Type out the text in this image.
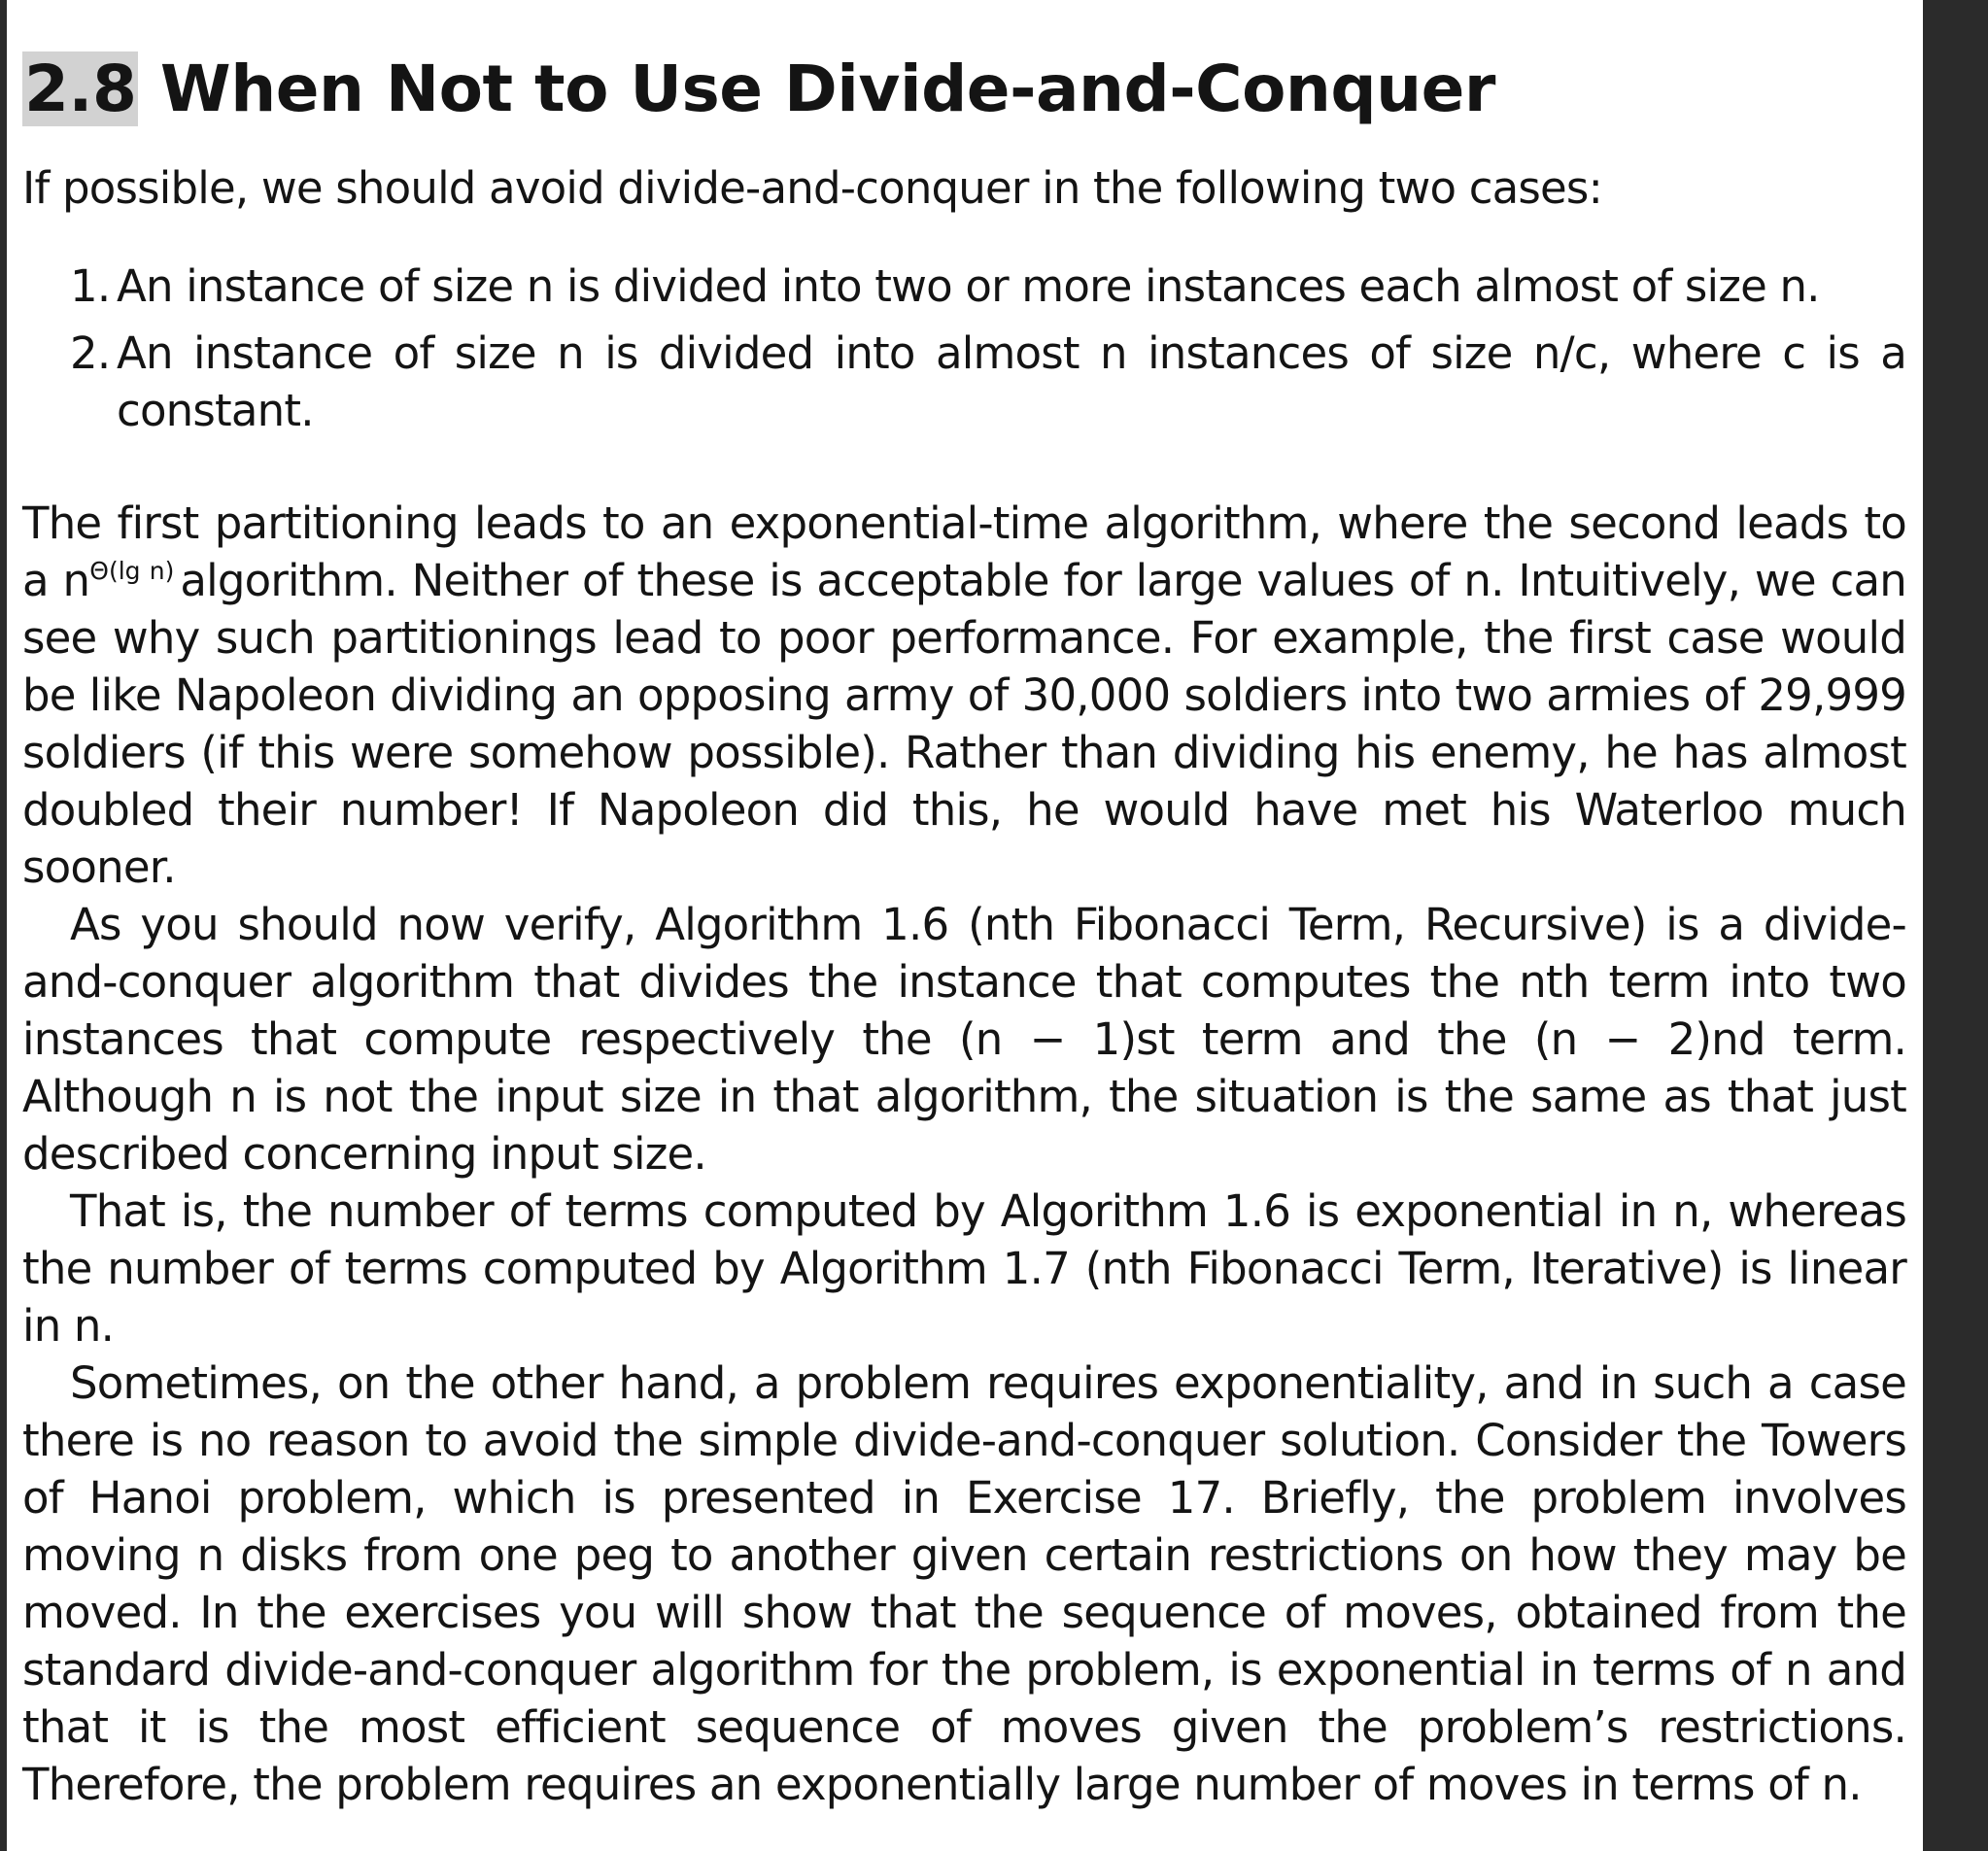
2.8 When Not to Use Divide-and-Conquer
If possible, we should avoid divide-and-conquer in the following two cases:
1. An instance of size n is divided into two or more instances each almost of size n.
2. An instance of size n is divided into almost n instances of size n/c, where c is a constant.

The first partitioning leads to an exponential-time algorithm, where the second leads to a $n^{\Theta(lg n)}$ algorithm. Neither of these is acceptable for large values of n. Intuitively, we can see why such partitionings lead to poor performance. For example, the first case would be like Napoleon dividing an opposing army of 30,000 soldiers into two armies of 29,999 soldiers (if this were somehow possible). Rather than dividing his enemy, he has almost doubled their number! If Napoleon did this, he would have met his Waterloo much sooner.

As you should now verify, Algorithm 1.6 (nth Fibonacci Term, Recursive) is a divide-and-conquer algorithm that divides the instance that computes the nth term into two instances that compute respectively the (n − 1)st term and the (n − 2)nd term. Although n is not the input size in that algorithm, the situation is the same as that just described concerning input size.

That is, the number of terms computed by Algorithm 1.6 is exponential in n, whereas the number of terms computed by Algorithm 1.7 (nth Fibonacci Term, Iterative) is linear in n.

Sometimes, on the other hand, a problem requires exponentiality, and in such a case there is no reason to avoid the simple divide-and-conquer solution. Consider the Towers of Hanoi problem, which is presented in Exercise 17. Briefly, the problem involves moving n disks from one peg to another given certain restrictions on how they may be moved. In the exercises you will show that the sequence of moves, obtained from the standard divide-and-conquer algorithm for the problem, is exponential in terms of n and that it is the most efficient sequence of moves given the problem’s restrictions. Therefore, the problem requires an exponentially large number of moves in terms of n.
